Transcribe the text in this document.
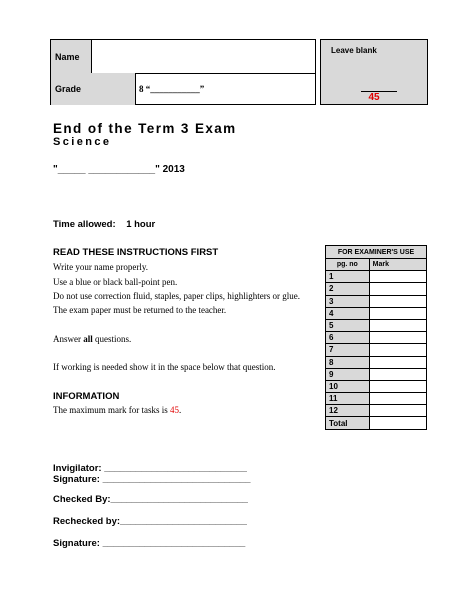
Name
Grade	8 “___________”
Leave blank
45
End of the Term 3 Exam
Science
"_____ ____________" 2013
Time allowed:    1 hour
READ THESE INSTRUCTIONS FIRST
Write your name properly.
Use a blue or black ball-point pen.
Do not use correction fluid, staples, paper clips, highlighters or glue.
The exam paper must be returned to the teacher.
Answer all questions.
If working is needed show it in the space below that question.
INFORMATION
The maximum mark for tasks is 45.
Invigilator: ___________________________
Signature: ____________________________
Checked By:__________________________
Rechecked by:________________________
Signature: ___________________________
FOR EXAMINER'S USE	
pg. no	Mark
1	
2	
3	
4	
5	
6	
7	
8	
9	
10	
11	
12	
Total	
